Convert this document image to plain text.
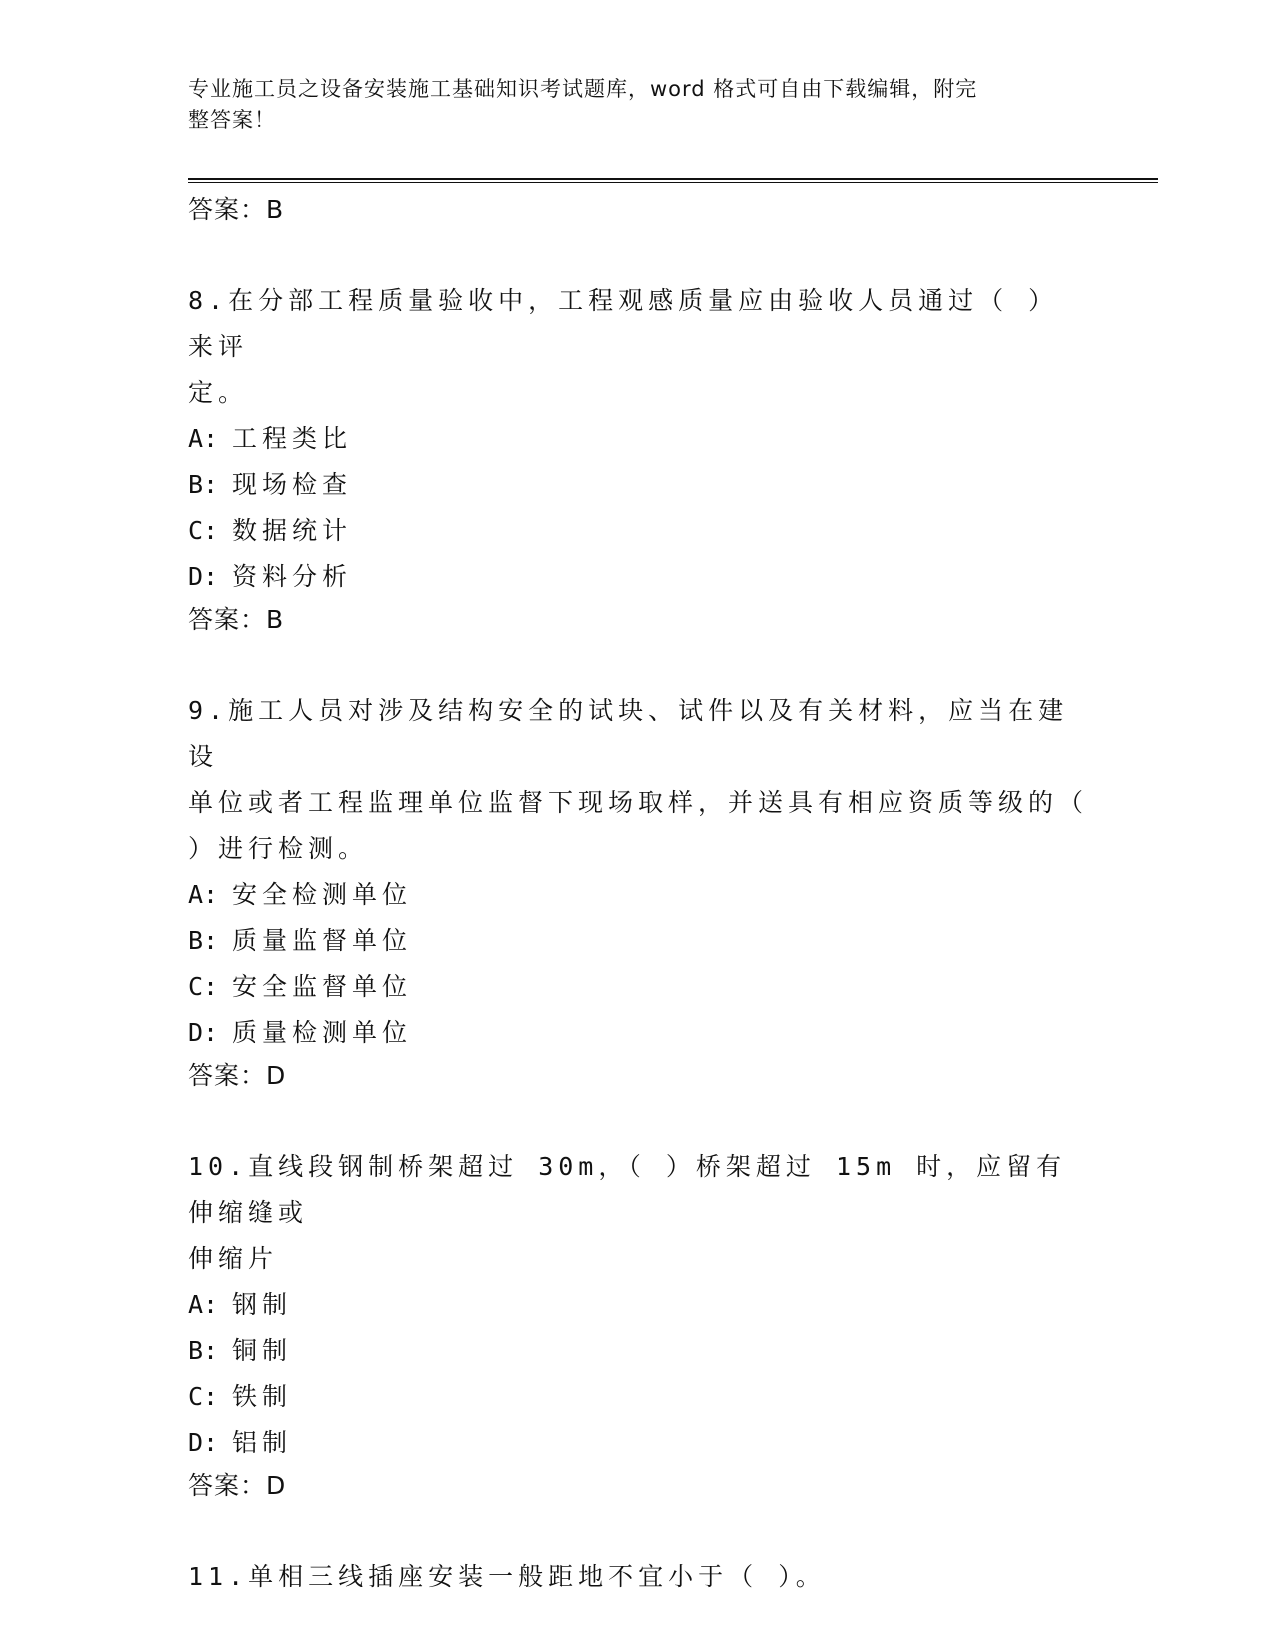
专业施工员之设备安装施工基础知识考试题库，word 格式可自由下载编辑，附完
整答案！

答案：B

8.在分部工程质量验收中，工程观感质量应由验收人员通过（ ）来评

定。

A: 工程类比

B: 现场检查

C: 数据统计

D: 资料分析

答案：B

9.施工人员对涉及结构安全的试块、试件以及有关材料，应当在建设

单位或者工程监理单位监督下现场取样，并送具有相应资质等级的（

）进行检测。

A: 安全检测单位

B: 质量监督单位

C: 安全监督单位

D: 质量检测单位

答案：D

10.直线段钢制桥架超过 30m，（ ）桥架超过 15m 时，应留有伸缩缝或

伸缩片

A: 钢制

B: 铜制

C: 铁制

D: 铝制

答案：D

11.单相三线插座安装一般距地不宜小于（ ）。
